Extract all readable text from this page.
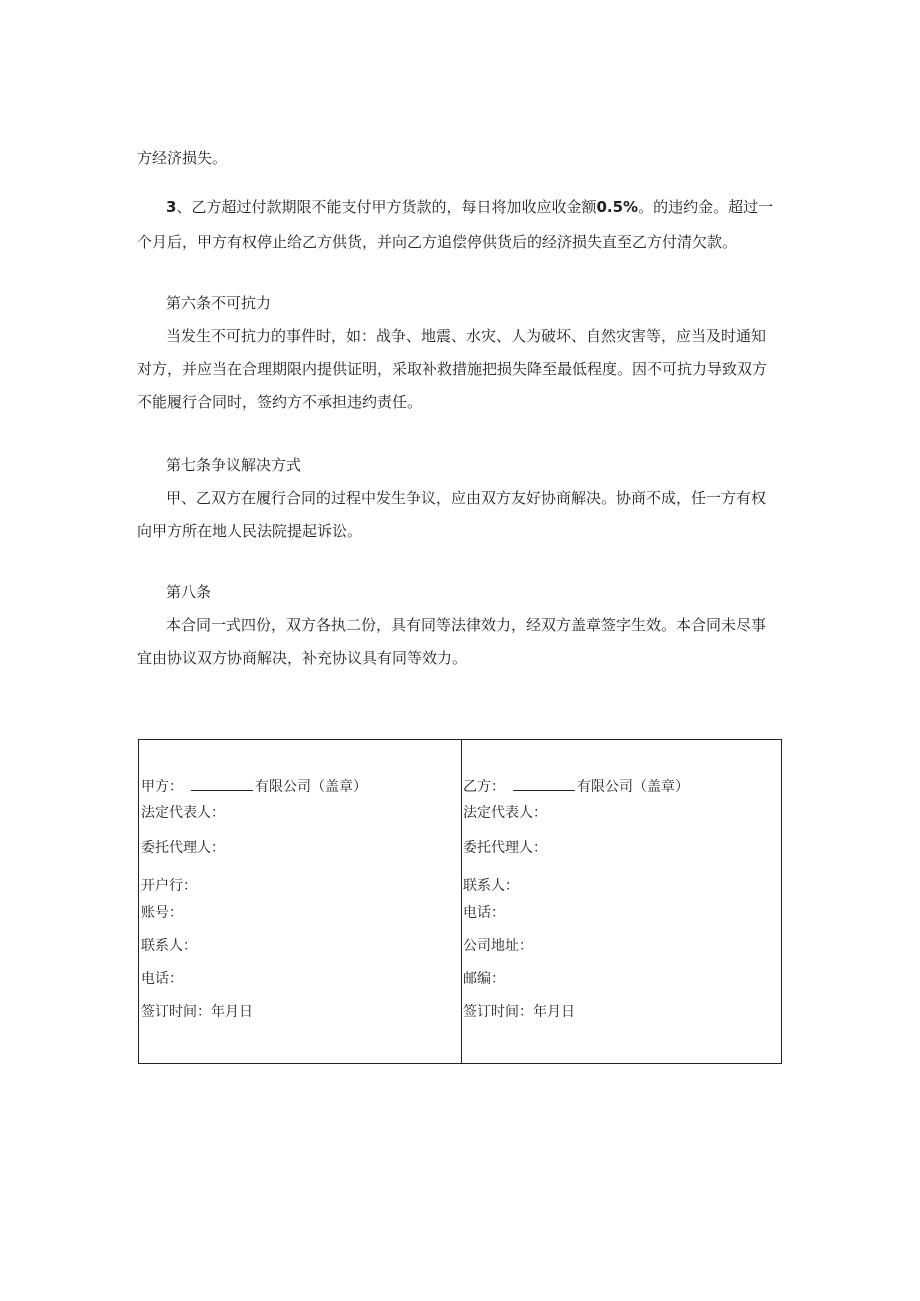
方经济损失。
3、乙方超过付款期限不能支付甲方货款的，每日将加收应收金额0.5%。的违约金。超过一
个月后，甲方有权停止给乙方供货，并向乙方追偿停供货后的经济损失直至乙方付清欠款。
第六条不可抗力
当发生不可抗力的事件时，如：战争、地震、水灾、人为破坏、自然灾害等，应当及时通知
对方，并应当在合理期限内提供证明，采取补救措施把损失降至最低程度。因不可抗力导致双方
不能履行合同时，签约方不承担违约责任。
第七条争议解决方式
甲、乙双方在履行合同的过程中发生争议，应由双方友好协商解决。协商不成，任一方有权
向甲方所在地人民法院提起诉讼。
第八条
本合同一式四份，双方各执二份，具有同等法律效力，经双方盖章签字生效。本合同未尽事
宜由协议双方协商解决，补充协议具有同等效力。
甲方：	有限公司（盖章）
法定代表人：
委托代理人：
开户行：
账号：
联系人：
电话：
签订时间：年月日
乙方：	有限公司（盖章）
法定代表人：
委托代理人：
联系人：
电话：
公司地址：
邮编：
签订时间：年月日
